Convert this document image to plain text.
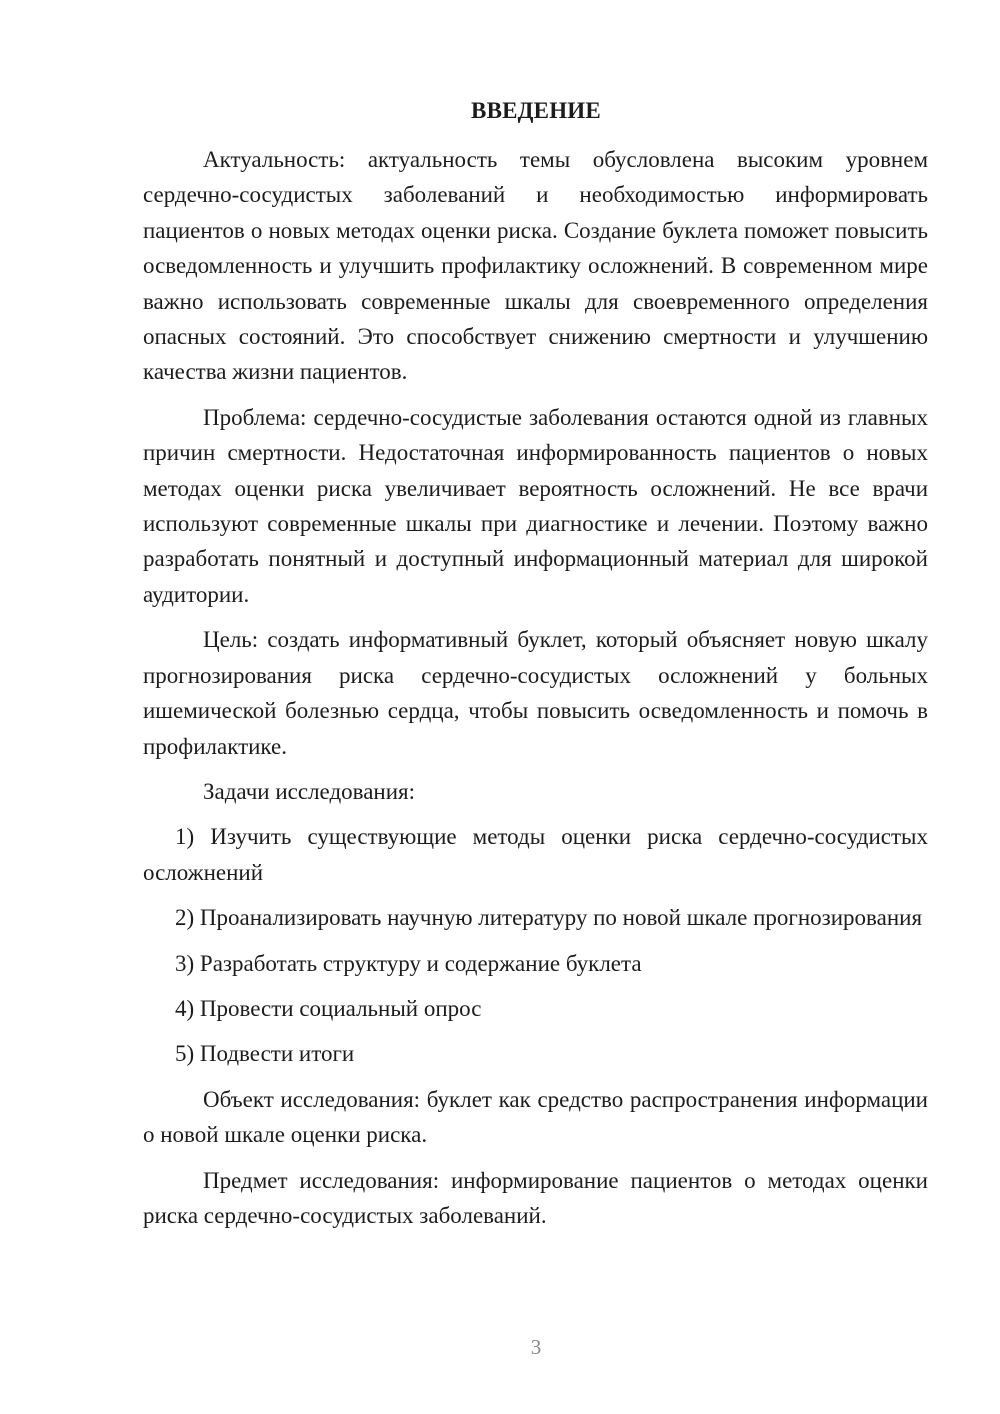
ВВЕДЕНИЕ

Актуальность: актуальность темы обусловлена высоким уровнем сердечно-сосудистых заболеваний и необходимостью информировать пациентов о новых методах оценки риска. Создание буклета поможет повысить осведомленность и улучшить профилактику осложнений. В современном мире важно использовать современные шкалы для своевременного определения опасных состояний. Это способствует снижению смертности и улучшению качества жизни пациентов.

Проблема: сердечно-сосудистые заболевания остаются одной из главных причин смертности. Недостаточная информированность пациентов о новых методах оценки риска увеличивает вероятность осложнений. Не все врачи используют современные шкалы при диагностике и лечении. Поэтому важно разработать понятный и доступный информационный материал для широкой аудитории.

Цель: создать информативный буклет, который объясняет новую шкалу прогнозирования риска сердечно-сосудистых осложнений у больных ишемической болезнью сердца, чтобы повысить осведомленность и помочь в профилактике.

Задачи исследования:

1) Изучить существующие методы оценки риска сердечно-сосудистых осложнений

2) Проанализировать научную литературу по новой шкале прогнозирования

3) Разработать структуру и содержание буклета

4) Провести социальный опрос

5) Подвести итоги

Объект исследования: буклет как средство распространения информации о новой шкале оценки риска.

Предмет исследования: информирование пациентов о методах оценки риска сердечно-сосудистых заболеваний.

3
